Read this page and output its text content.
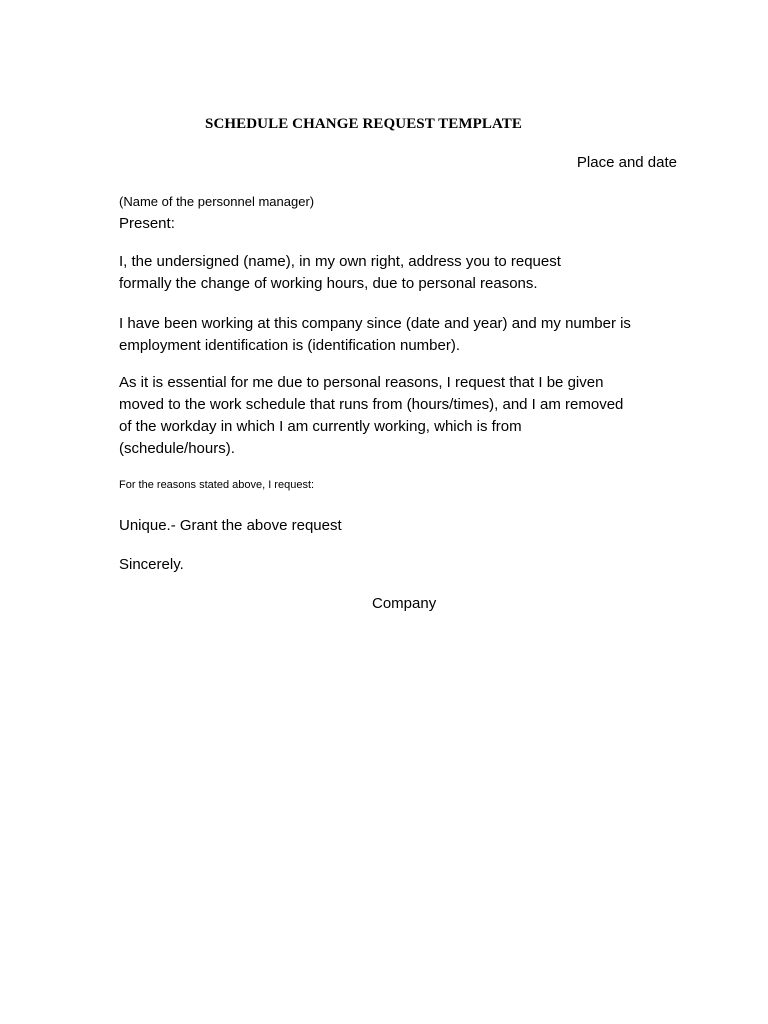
SCHEDULE CHANGE REQUEST TEMPLATE

Place and date

(Name of the personnel manager)

Present:

I, the undersigned (name), in my own right, address you to request
formally the change of working hours, due to personal reasons.
I have been working at this company since (date and year) and my number is
employment identification is (identification number).
As it is essential for me due to personal reasons, I request that I be given
moved to the work schedule that runs from (hours/times), and I am removed
of the workday in which I am currently working, which is from
(schedule/hours).

For the reasons stated above, I request:

Unique.- Grant the above request

Sincerely.

Company
